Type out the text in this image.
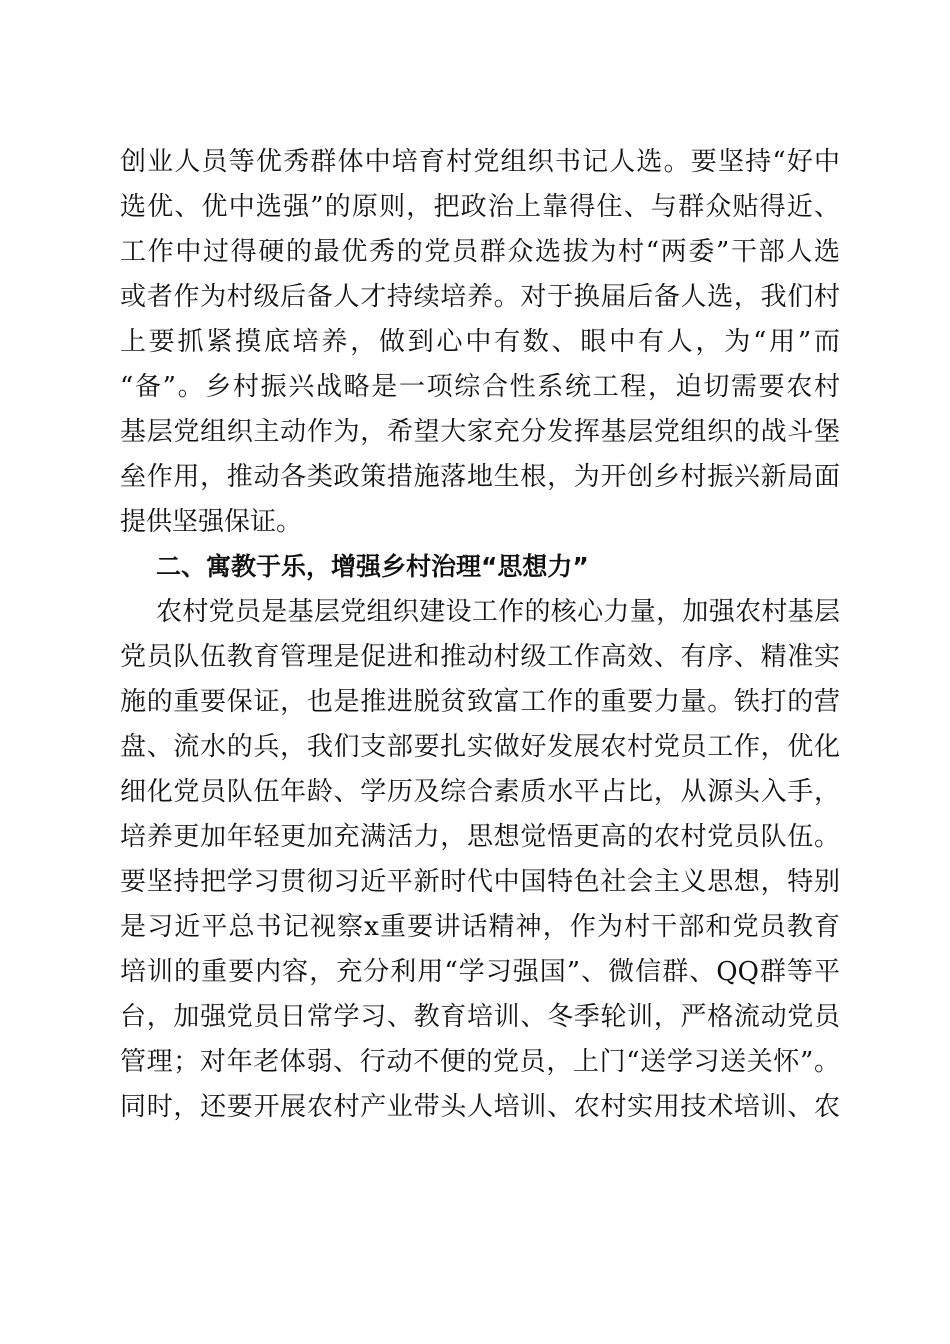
创业人员等优秀群体中培育村党组织书记人选。要坚持“好中
选优、优中选强”的原则，把政治上靠得住、与群众贴得近、
工作中过得硬的最优秀的党员群众选拔为村“两委”干部人选
或者作为村级后备人才持续培养。对于换届后备人选，我们村
上要抓紧摸底培养，做到心中有数、眼中有人，为“用”而
“备”。乡村振兴战略是一项综合性系统工程，迫切需要农村
基层党组织主动作为，希望大家充分发挥基层党组织的战斗堡
垒作用，推动各类政策措施落地生根，为开创乡村振兴新局面
提供坚强保证。
二、寓教于乐，增强乡村治理“思想力”
农村党员是基层党组织建设工作的核心力量，加强农村基层
党员队伍教育管理是促进和推动村级工作高效、有序、精准实
施的重要保证，也是推进脱贫致富工作的重要力量。铁打的营
盘、流水的兵，我们支部要扎实做好发展农村党员工作，优化
细化党员队伍年龄、学历及综合素质水平占比，从源头入手，
培养更加年轻更加充满活力，思想觉悟更高的农村党员队伍。
要坚持把学习贯彻习近平新时代中国特色社会主义思想，特别
是习近平总书记视察x重要讲话精神，作为村干部和党员教育
培训的重要内容，充分利用“学习强国”、微信群、QQ群等平
台，加强党员日常学习、教育培训、冬季轮训，严格流动党员
管理；对年老体弱、行动不便的党员，上门“送学习送关怀”。
同时，还要开展农村产业带头人培训、农村实用技术培训、农
